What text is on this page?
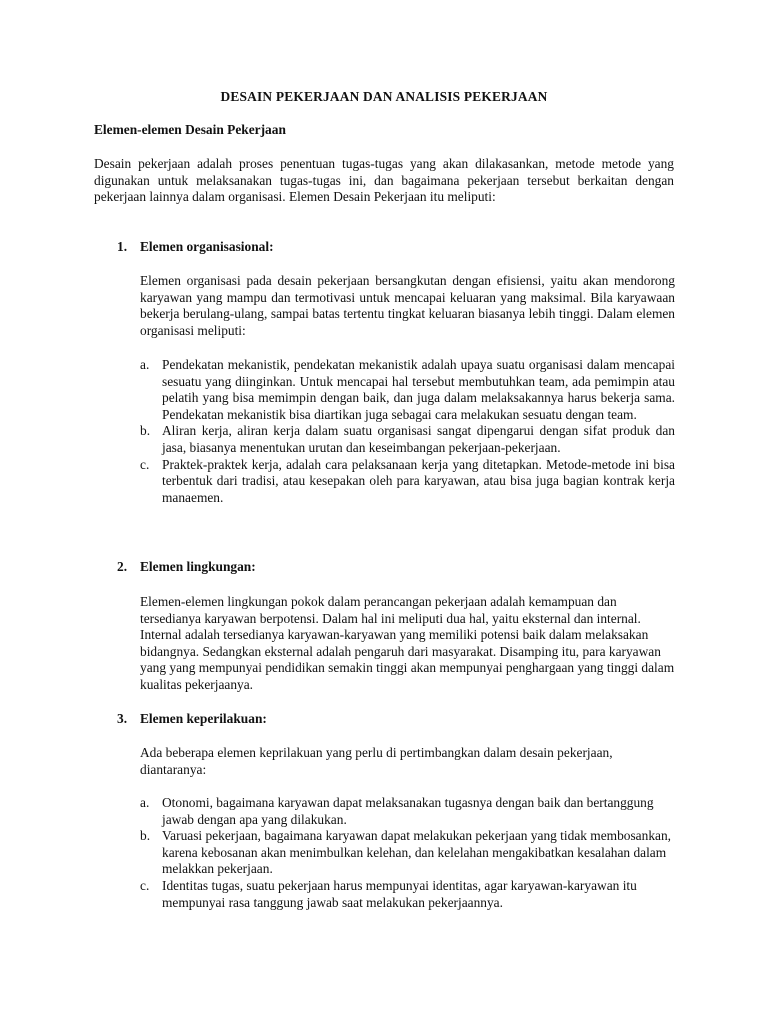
DESAIN PEKERJAAN DAN ANALISIS PEKERJAAN
Elemen-elemen Desain Pekerjaan

Desain pekerjaan adalah proses penentuan tugas-tugas yang akan dilakasankan, metode metode yang digunakan untuk melaksanakan tugas-tugas ini, dan bagaimana pekerjaan tersebut berkaitan dengan pekerjaan lainnya dalam organisasi. Elemen Desain Pekerjaan itu meliputi:

1. Elemen organisasional:

Elemen organisasi pada desain pekerjaan bersangkutan dengan efisiensi, yaitu akan mendorong karyawan yang mampu dan termotivasi untuk mencapai keluaran yang maksimal. Bila karyawaan bekerja berulang-ulang, sampai batas tertentu tingkat keluaran biasanya lebih tinggi. Dalam elemen organisasi meliputi:

a. Pendekatan mekanistik, pendekatan mekanistik adalah upaya suatu organisasi dalam mencapai sesuatu yang diinginkan. Untuk mencapai hal tersebut membutuhkan team, ada pemimpin atau pelatih yang bisa memimpin dengan baik, dan juga dalam melaksakannya harus bekerja sama. Pendekatan mekanistik bisa diartikan juga sebagai cara melakukan sesuatu dengan team.
b. Aliran kerja, aliran kerja dalam suatu organisasi sangat dipengarui dengan sifat produk dan jasa, biasanya menentukan urutan dan keseimbangan pekerjaan-pekerjaan.
c. Praktek-praktek kerja, adalah cara pelaksanaan kerja yang ditetapkan. Metode-metode ini bisa terbentuk dari tradisi, atau kesepakan oleh para karyawan, atau bisa juga bagian kontrak kerja manaemen.
2. Elemen lingkungan:

Elemen-elemen lingkungan pokok dalam perancangan pekerjaan adalah kemampuan dan tersedianya karyawan berpotensi. Dalam hal ini meliputi dua hal, yaitu eksternal dan internal. Internal adalah tersedianya karyawan-karyawan yang memiliki potensi baik dalam melaksakan bidangnya. Sedangkan eksternal adalah pengaruh dari masyarakat. Disamping itu, para karyawan yang yang mempunyai pendidikan semakin tinggi akan mempunyai penghargaan yang tinggi dalam kualitas pekerjaanya.

3. Elemen keperilakuan:

Ada beberapa elemen keprilakuan yang perlu di pertimbangkan dalam desain pekerjaan, diantaranya:

a. Otonomi, bagaimana karyawan dapat melaksanakan tugasnya dengan baik dan bertanggung jawab dengan apa yang dilakukan.
b. Varuasi pekerjaan, bagaimana karyawan dapat melakukan pekerjaan yang tidak membosankan, karena kebosanan akan menimbulkan kelehan, dan kelelahan mengakibatkan kesalahan dalam melakkan pekerjaan.
c. Identitas tugas, suatu pekerjaan harus mempunyai identitas, agar karyawan-karyawan itu mempunyai rasa tanggung jawab saat melakukan pekerjaannya.
